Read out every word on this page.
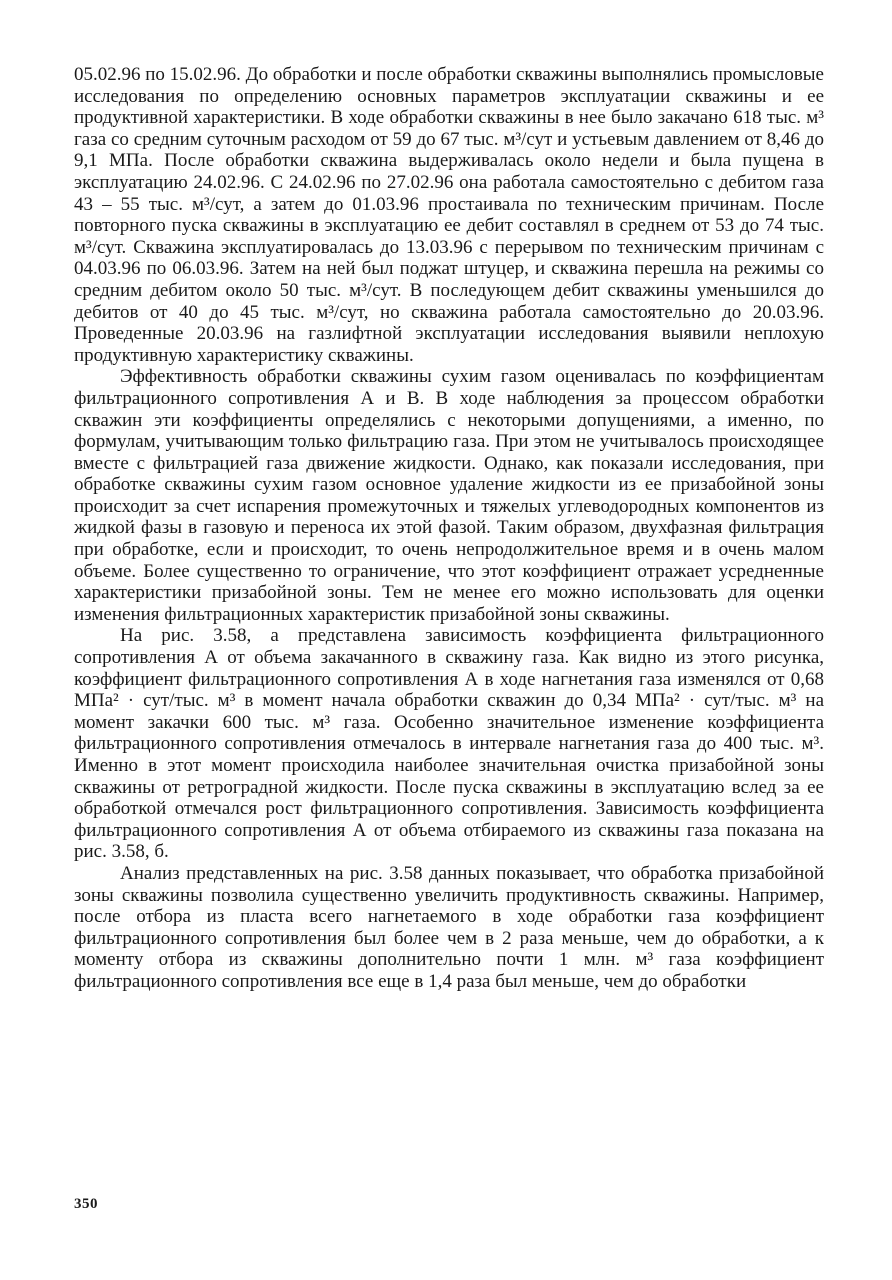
05.02.96 по 15.02.96. До обработки и после обработки скважины выполнялись промысловые исследования по определению основных параметров эксплуатации скважины и ее продуктивной характеристики. В ходе обработки скважины в нее было закачано 618 тыс. м³ газа со средним суточным расходом от 59 до 67 тыс. м³/сут и устьевым давлением от 8,46 до 9,1 МПа. После обработки скважина выдерживалась около недели и была пущена в эксплуатацию 24.02.96. С 24.02.96 по 27.02.96 она работала самостоятельно с дебитом газа 43 – 55 тыс. м³/сут, а затем до 01.03.96 простаивала по техническим причинам. После повторного пуска скважины в эксплуатацию ее дебит составлял в среднем от 53 до 74 тыс. м³/сут. Скважина эксплуатировалась до 13.03.96 с перерывом по техническим причинам с 04.03.96 по 06.03.96. Затем на ней был поджат штуцер, и скважина перешла на режимы со средним дебитом около 50 тыс. м³/сут. В последующем дебит скважины уменьшился до дебитов от 40 до 45 тыс. м³/сут, но скважина работала самостоятельно до 20.03.96. Проведенные 20.03.96 на газлифтной эксплуатации исследования выявили неплохую продуктивную характеристику скважины.

Эффективность обработки скважины сухим газом оценивалась по коэффициентам фильтрационного сопротивления А и В. В ходе наблюдения за процессом обработки скважин эти коэффициенты определялись с некоторыми допущениями, а именно, по формулам, учитывающим только фильтрацию газа. При этом не учитывалось происходящее вместе с фильтрацией газа движение жидкости. Однако, как показали исследования, при обработке скважины сухим газом основное удаление жидкости из ее призабойной зоны происходит за счет испарения промежуточных и тяжелых углеводородных компонентов из жидкой фазы в газовую и переноса их этой фазой. Таким образом, двухфазная фильтрация при обработке, если и происходит, то очень непродолжительное время и в очень малом объеме. Более существенно то ограничение, что этот коэффициент отражает усредненные характеристики призабойной зоны. Тем не менее его можно использовать для оценки изменения фильтрационных характеристик призабойной зоны скважины.

На рис. 3.58, а представлена зависимость коэффициента фильтрационного сопротивления А от объема закачанного в скважину газа. Как видно из этого рисунка, коэффициент фильтрационного сопротивления А в ходе нагнетания газа изменялся от 0,68 МПа² · сут/тыс. м³ в момент начала обработки скважин до 0,34 МПа² · сут/тыс. м³ на момент закачки 600 тыс. м³ газа. Особенно значительное изменение коэффициента фильтрационного сопротивления отмечалось в интервале нагнетания газа до 400 тыс. м³. Именно в этот момент происходила наиболее значительная очистка призабойной зоны скважины от ретроградной жидкости. После пуска скважины в эксплуатацию вслед за ее обработкой отмечался рост фильтрационного сопротивления. Зависимость коэффициента фильтрационного сопротивления А от объема отбираемого из скважины газа показана на рис. 3.58, б.

Анализ представленных на рис. 3.58 данных показывает, что обработка призабойной зоны скважины позволила существенно увеличить продуктивность скважины. Например, после отбора из пласта всего нагнетаемого в ходе обработки газа коэффициент фильтрационного сопротивления был более чем в 2 раза меньше, чем до обработки, а к моменту отбора из скважины дополнительно почти 1 млн. м³ газа коэффициент фильтрационного сопротивления все еще в 1,4 раза был меньше, чем до обработки

350
